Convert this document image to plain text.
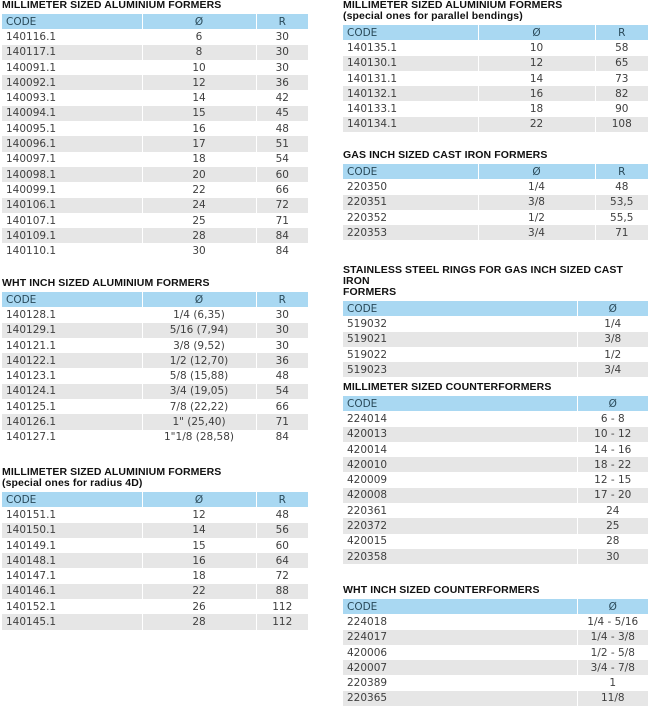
MILLIMETER SIZED ALUMINIUM FORMERS
CODE	Ø	R
140116.1	6	30
140117.1	8	30
140091.1	10	30
140092.1	12	36
140093.1	14	42
140094.1	15	45
140095.1	16	48
140096.1	17	51
140097.1	18	54
140098.1	20	60
140099.1	22	66
140106.1	24	72
140107.1	25	71
140109.1	28	84
140110.1	30	84
WHT INCH SIZED ALUMINIUM FORMERS
CODE	Ø	R
140128.1	1/4 (6,35)	30
140129.1	5/16 (7,94)	30
140121.1	3/8 (9,52)	30
140122.1	1/2 (12,70)	36
140123.1	5/8 (15,88)	48
140124.1	3/4 (19,05)	54
140125.1	7/8 (22,22)	66
140126.1	1" (25,40)	71
140127.1	1"1/8 (28,58)	84
MILLIMETER SIZED ALUMINIUM FORMERS
(special ones for radius 4D)
CODE	Ø	R
140151.1	12	48
140150.1	14	56
140149.1	15	60
140148.1	16	64
140147.1	18	72
140146.1	22	88
140152.1	26	112
140145.1	28	112
MILLIMETER SIZED ALUMINIUM FORMERS
(special ones for parallel bendings)
CODE	Ø	R
140135.1	10	58
140130.1	12	65
140131.1	14	73
140132.1	16	82
140133.1	18	90
140134.1	22	108
GAS INCH SIZED CAST IRON FORMERS
CODE	Ø	R
220350	1/4	48
220351	3/8	53,5
220352	1/2	55,5
220353	3/4	71
STAINLESS STEEL RINGS FOR GAS INCH SIZED CAST IRON
FORMERS
CODE	Ø
519032	1/4
519021	3/8
519022	1/2
519023	3/4
MILLIMETER SIZED COUNTERFORMERS
CODE	Ø
224014	6 - 8
420013	10 - 12
420014	14 - 16
420010	18 - 22
420009	12 - 15
420008	17 - 20
220361	24
220372	25
420015	28
220358	30
WHT INCH SIZED COUNTERFORMERS
CODE	Ø
224018	1/4 - 5/16
224017	1/4 - 3/8
420006	1/2 - 5/8
420007	3/4 - 7/8
220389	1
220365	11/8
